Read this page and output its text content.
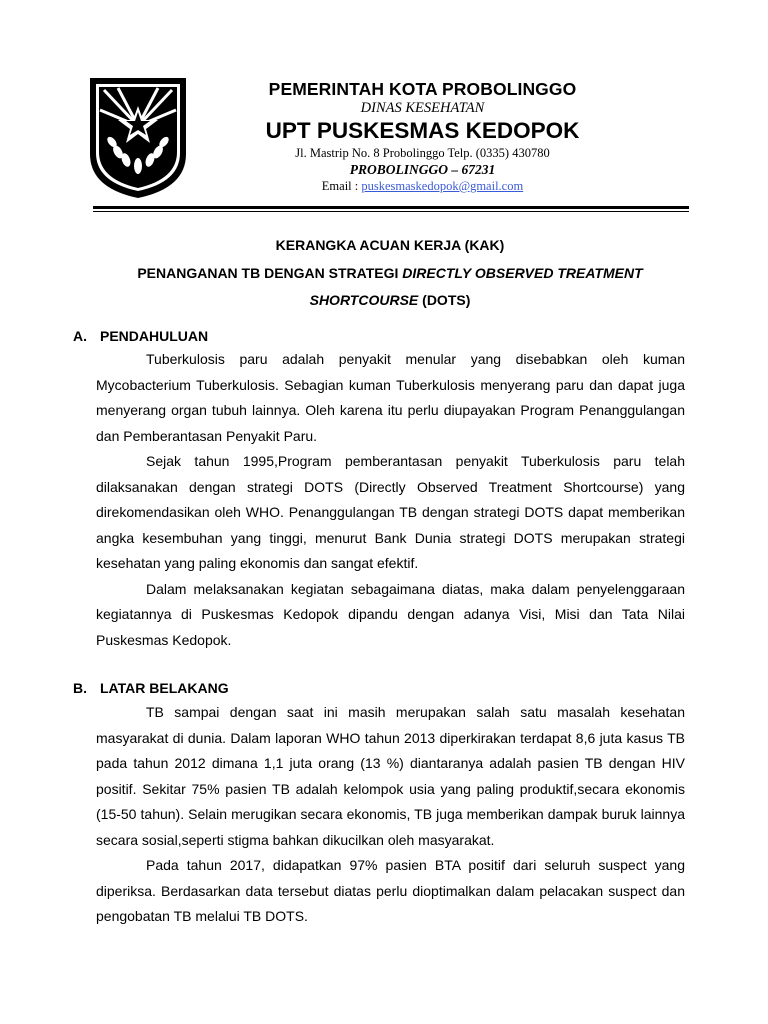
PEMERINTAH KOTA PROBOLINGGO
DINAS KESEHATAN
UPT PUSKESMAS KEDOPOK
Jl. Mastrip No. 8 Probolinggo Telp. (0335) 430780
PROBOLINGGO – 67231
Email : puskesmaskedopok@gmail.com
KERANGKA ACUAN KERJA (KAK)
PENANGANAN TB DENGAN STRATEGI DIRECTLY OBSERVED TREATMENT
SHORTCOURSE (DOTS)
A. PENDAHULUAN

Tuberkulosis paru adalah penyakit menular yang disebabkan oleh kuman Mycobacterium Tuberkulosis. Sebagian kuman Tuberkulosis menyerang paru dan dapat juga menyerang organ tubuh lainnya. Oleh karena itu perlu diupayakan Program Penanggulangan dan Pemberantasan Penyakit Paru.

Sejak tahun 1995,Program pemberantasan penyakit Tuberkulosis paru telah dilaksanakan dengan strategi DOTS (Directly Observed Treatment Shortcourse) yang direkomendasikan oleh WHO. Penanggulangan TB dengan strategi DOTS dapat memberikan angka kesembuhan yang tinggi, menurut Bank Dunia strategi DOTS merupakan strategi kesehatan yang paling ekonomis dan sangat efektif.

Dalam melaksanakan kegiatan sebagaimana diatas, maka dalam penyelenggaraan kegiatannya di Puskesmas Kedopok dipandu dengan adanya Visi, Misi dan Tata Nilai Puskesmas Kedopok.

B. LATAR BELAKANG

TB sampai dengan saat ini masih merupakan salah satu masalah kesehatan masyarakat di dunia. Dalam laporan WHO tahun 2013 diperkirakan terdapat 8,6 juta kasus TB pada tahun 2012 dimana 1,1 juta orang (13 %) diantaranya adalah pasien TB dengan HIV positif. Sekitar 75% pasien TB adalah kelompok usia yang paling produktif,secara ekonomis (15-50 tahun). Selain merugikan secara ekonomis, TB juga memberikan dampak buruk lainnya secara sosial,seperti stigma bahkan dikucilkan oleh masyarakat.

Pada tahun 2017, didapatkan 97% pasien BTA positif dari seluruh suspect yang diperiksa. Berdasarkan data tersebut diatas perlu dioptimalkan dalam pelacakan suspect dan pengobatan TB melalui TB DOTS.
